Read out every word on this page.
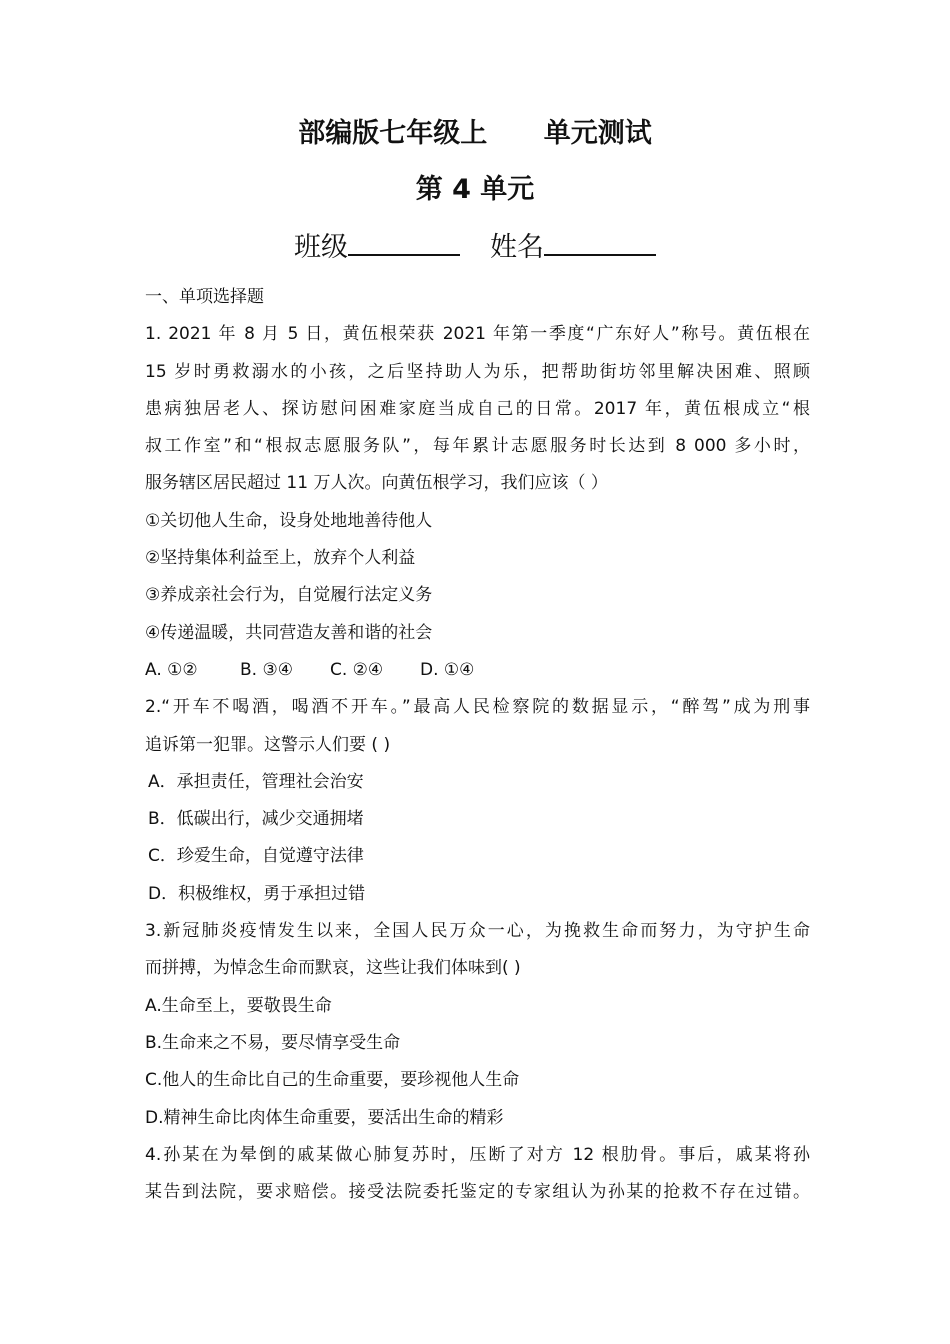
部编版七年级上      单元测试
第 4 单元
班级	姓名
一、单项选择题
1. 2021 年 8 月 5 日，黄伍根荣获 2021 年第一季度“广东好人”称号。黄伍根在
15 岁时勇救溺水的小孩，之后坚持助人为乐，把帮助街坊邻里解决困难、照顾
患病独居老人、探访慰问困难家庭当成自己的日常。2017 年，黄伍根成立“根
叔工作室”和“根叔志愿服务队”，每年累计志愿服务时长达到 8 000 多小时，
服务辖区居民超过 11 万人次。向黄伍根学习，我们应该（ ）
①关切他人生命，设身处地地善待他人
②坚持集体利益至上，放弃个人利益
③养成亲社会行为，自觉履行法定义务
④传递温暖，共同营造友善和谐的社会
A. ①②	B. ③④	C. ②④	D. ①④
2.“开车不喝酒，喝酒不开车。”最高人民检察院的数据显示，“醉驾”成为刑事
追诉第一犯罪。这警示人们要 ( )
A．承担责任，管理社会治安
B．低碳出行，减少交通拥堵
C．珍爱生命，自觉遵守法律
D．积极维权，勇于承担过错
3.新冠肺炎疫情发生以来，全国人民万众一心，为挽救生命而努力，为守护生命
而拼搏，为悼念生命而默哀，这些让我们体味到( )
A.生命至上，要敬畏生命
B.生命来之不易，要尽情享受生命
C.他人的生命比自己的生命重要，要珍视他人生命
D.精神生命比肉体生命重要，要活出生命的精彩
4.孙某在为晕倒的戚某做心肺复苏时，压断了对方 12 根肋骨。事后，戚某将孙
某告到法院，要求赔偿。接受法院委托鉴定的专家组认为孙某的抢救不存在过错。
